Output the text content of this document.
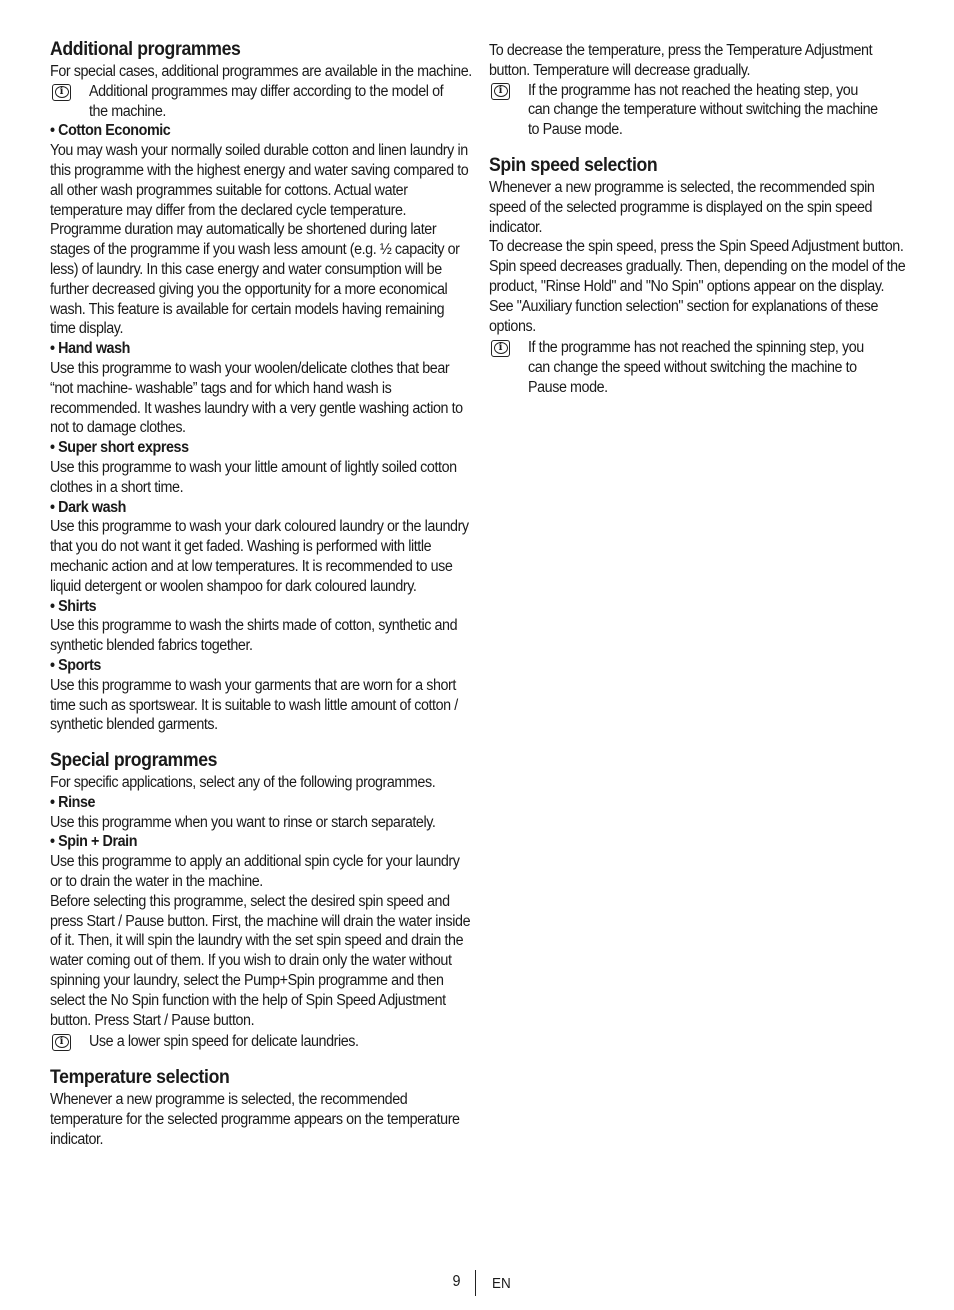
Additional programmes

For special cases, additional programmes are available in the machine.

i	Additional programmes may differ according to the model of the machine.

• Cotton Economic

You may wash your normally soiled durable cotton and linen laundry in this programme with the highest energy and water saving compared to all other wash programmes suitable for cottons. Actual water temperature may differ from the declared cycle temperature. Programme duration may automatically be shortened during later stages of the programme if you wash less amount (e.g. ½ capacity or less) of laundry. In this case energy and water consumption will be further decreased giving you the opportunity for a more economical wash. This feature is available for certain models having remaining time display.

• Hand wash

Use this programme to wash your woolen/delicate clothes that bear “not machine- washable” tags and for which hand wash is recommended. It washes laundry with a very gentle washing action to not to damage clothes.

• Super short express

Use this programme to wash your little amount of lightly soiled cotton clothes in a short time.

• Dark wash

Use this programme to wash your dark coloured laundry or the laundry that you do not want it get faded. Washing is performed with little mechanic action and at low temperatures. It is recommended to use liquid detergent or woolen shampoo for dark coloured laundry.

• Shirts

Use this programme to wash the shirts made of cotton, synthetic and synthetic blended fabrics together.

• Sports

Use this programme to wash your garments that are worn for a short time such as sportswear. It is suitable to wash little amount of cotton / synthetic blended garments.

Special programmes

For specific applications, select any of the following programmes.

• Rinse

Use this programme when you want to rinse or starch separately.

• Spin + Drain

Use this programme to apply an additional spin cycle for your laundry or to drain the water in the machine.

Before selecting this programme, select the desired spin speed and press Start / Pause button. First, the machine will drain the water inside of it. Then, it will spin the laundry with the set spin speed and drain the water coming out of them. If you wish to drain only the water without spinning your laundry, select the Pump+Spin programme and then select the No Spin function with the help of Spin Speed Adjustment button. Press Start / Pause button.

i	Use a lower spin speed for delicate laundries.

Temperature selection

Whenever a new programme is selected, the recommended temperature for the selected programme appears on the temperature indicator.

To decrease the temperature, press the Temperature Adjustment button. Temperature will decrease gradually.

i	If the programme has not reached the heating step, you can change the temperature without switching the machine to Pause mode.

Spin speed selection

Whenever a new programme is selected, the recommended spin speed of the selected programme is displayed on the spin speed indicator.

To decrease the spin speed, press the Spin Speed Adjustment button. Spin speed decreases gradually. Then, depending on the model of the product, "Rinse Hold" and "No Spin" options appear on the display. See "Auxiliary function selection" section for explanations of these options.

i	If the programme has not reached the spinning step, you can change the speed without switching the machine to Pause mode.

9 EN
